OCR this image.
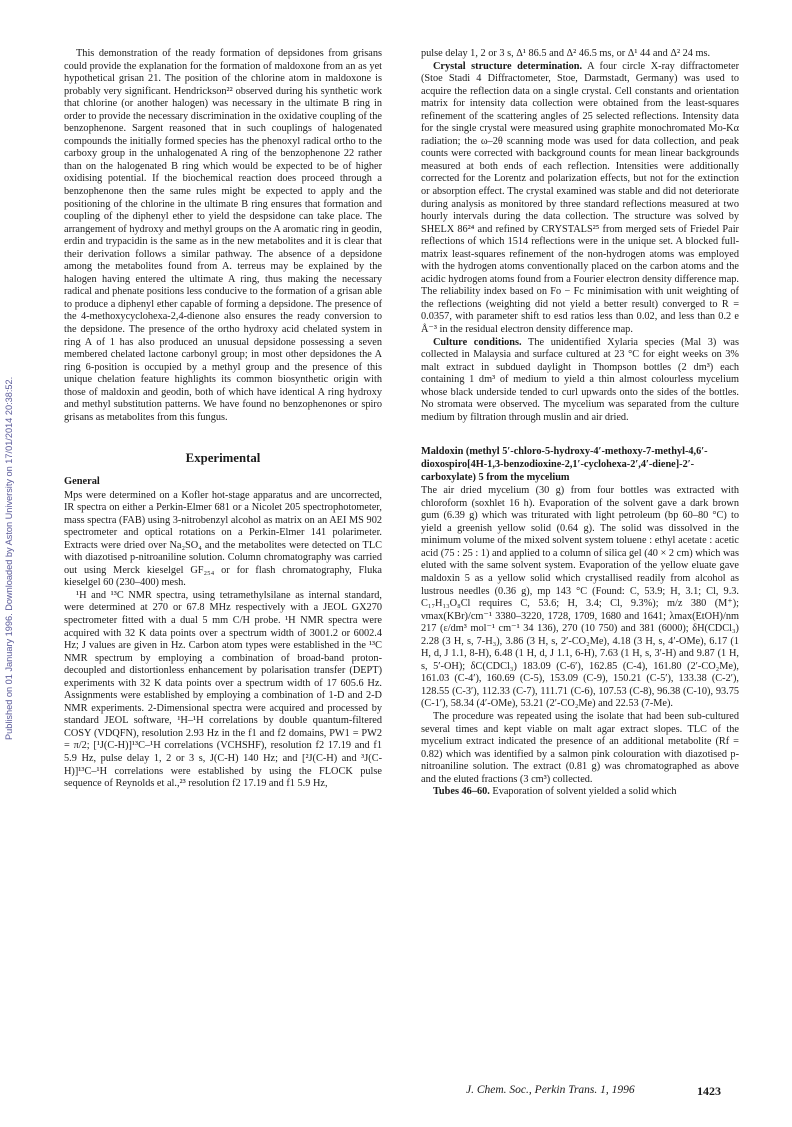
Published on 01 January 1996. Downloaded by Aston University on 17/01/2014 20:38:52.

This demonstration of the ready formation of depsidones from grisans could provide the explanation for the formation of maldoxone from an as yet hypothetical grisan 21. The position of the chlorine atom in maldoxone is probably very significant. Hendrickson²² observed during his synthetic work that chlorine (or another halogen) was necessary in the ultimate B ring in order to provide the necessary discrimination in the oxidative coupling of the benzophenone. Sargent reasoned that in such couplings of halogenated compounds the initially formed species has the phenoxyl radical ortho to the carboxy group in the unhalogenated A ring of the benzophenone 22 rather than on the halogenated B ring which would be expected to be of higher oxidising potential. If the biochemical reaction does proceed through a benzophenone then the same rules might be expected to apply and the positioning of the chlorine in the ultimate B ring ensures that formation and coupling of the diphenyl ether to yield the despsidone can take place. The arrangement of hydroxy and methyl groups on the A aromatic ring in geodin, erdin and trypacidin is the same as in the new metabolites and it is clear that their derivation follows a similar pathway. The absence of a depsidone among the metabolites found from A. terreus may be explained by the halogen having entered the ultimate A ring, thus making the necessary radical and phenate positions less conducive to the formation of a grisan able to produce a diphenyl ether capable of forming a depsidone. The presence of the 4-methoxycyclohexa-2,4-dienone also ensures the ready conversion to the depsidone. The presence of the ortho hydroxy acid chelated system in ring A of 1 has also produced an unusual depsidone possessing a seven membered chelated lactone carbonyl group; in most other depsidones the A ring 6-position is occupied by a methyl group and the presence of this unique chelation feature highlights its common biosynthetic origin with those of maldoxin and geodin, both of which have identical A ring hydroxy and methyl substitution patterns. We have found no benzophenones or spiro grisans as metabolites from this fungus.

Experimental
General

Mps were determined on a Kofler hot-stage apparatus and are uncorrected, IR spectra on either a Perkin-Elmer 681 or a Nicolet 205 spectrophotometer, mass spectra (FAB) using 3-nitrobenzyl alcohol as matrix on an AEI MS 902 spectrometer and optical rotations on a Perkin-Elmer 141 polarimeter. Extracts were dried over Na₂SO₄ and the metabolites were detected on TLC with diazotised p-nitroaniline solution. Column chromatography was carried out using Merck kieselgel GF₂₅₄ or for flash chromatography, Fluka kieselgel 60 (230–400) mesh.

¹H and ¹³C NMR spectra, using tetramethylsilane as internal standard, were determined at 270 or 67.8 MHz respectively with a JEOL GX270 spectrometer fitted with a dual 5 mm C/H probe. ¹H NMR spectra were acquired with 32 K data points over a spectrum width of 3001.2 or 6002.4 Hz; J values are given in Hz. Carbon atom types were established in the ¹³C NMR spectrum by employing a combination of broad-band proton-decoupled and distortionless enhancement by polarisation transfer (DEPT) experiments with 32 K data points over a spectrum width of 17 605.6 Hz. Assignments were established by employing a combination of 1-D and 2-D NMR experiments. 2-Dimensional spectra were acquired and processed by standard JEOL software, ¹H–¹H correlations by double quantum-filtered COSY (VDQFN), resolution 2.93 Hz in the f1 and f2 domains, PW1 = PW2 = π/2; [¹J(C-H)]¹³C–¹H correlations (VCHSHF), resolution f2 17.19 and f1 5.9 Hz, pulse delay 1, 2 or 3 s, J(C-H) 140 Hz; and [²J(C-H) and ³J(C-H)]¹³C–¹H correlations were established by using the FLOCK pulse sequence of Reynolds et al.,²³ resolution f2 17.19 and f1 5.9 Hz,

pulse delay 1, 2 or 3 s, Δ¹ 86.5 and Δ² 46.5 ms, or Δ¹ 44 and Δ² 24 ms.

Crystal structure determination. A four circle X-ray diffractometer (Stoe Stadi 4 Diffractometer, Stoe, Darmstadt, Germany) was used to acquire the reflection data on a single crystal. Cell constants and orientation matrix for intensity data collection were obtained from the least-squares refinement of the scattering angles of 25 selected reflections. Intensity data for the single crystal were measured using graphite monochromated Mo-Kα radiation; the ω–2θ scanning mode was used for data collection, and peak counts were corrected with background counts for mean linear backgrounds measured at both ends of each reflection. Intensities were additionally corrected for the Lorentz and polarization effects, but not for the extinction or absorption effect. The crystal examined was stable and did not deteriorate during analysis as monitored by three standard reflections measured at two hourly intervals during the data collection. The structure was solved by SHELX 86²⁴ and refined by CRYSTALS²⁵ from merged sets of Friedel Pair reflections of which 1514 reflections were in the unique set. A blocked full-matrix least-squares refinement of the non-hydrogen atoms was employed with the hydrogen atoms conventionally placed on the carbon atoms and the acidic hydrogen atoms found from a Fourier electron density difference map. The reliability index based on Fo − Fc minimisation with unit weighting of the reflections (weighting did not yield a better result) converged to R = 0.0357, with parameter shift to esd ratios less than 0.02, and less than 0.2 e Å⁻³ in the residual electron density difference map.

Culture conditions. The unidentified Xylaria species (Mal 3) was collected in Malaysia and surface cultured at 23 °C for eight weeks on 3% malt extract in subdued daylight in Thompson bottles (2 dm³) each containing 1 dm³ of medium to yield a thin almost colourless mycelium whose black underside tended to curl upwards onto the sides of the bottles. No stromata were observed. The mycelium was separated from the culture medium by filtration through muslin and air dried.

Maldoxin (methyl 5′-chloro-5-hydroxy-4′-methoxy-7-methyl-4,6′-dioxospiro[4H-1,3-benzodioxine-2,1′-cyclohexa-2′,4′-diene]-2′-carboxylate) 5 from the mycelium

The air dried mycelium (30 g) from four bottles was extracted with chloroform (soxhlet 16 h). Evaporation of the solvent gave a dark brown gum (6.39 g) which was triturated with light petroleum (bp 60–80 °C) to yield a greenish yellow solid (0.64 g). The solid was dissolved in the minimum volume of the mixed solvent system toluene : ethyl acetate : acetic acid (75 : 25 : 1) and applied to a column of silica gel (40 × 2 cm) which was eluted with the same solvent system. Evaporation of the yellow eluate gave maldoxin 5 as a yellow solid which crystallised readily from alcohol as lustrous needles (0.36 g), mp 143 °C (Found: C, 53.9; H, 3.1; Cl, 9.3. C₁₇H₁₃O₈Cl requires C, 53.6; H, 3.4; Cl, 9.3%); m/z 380 (M⁺); νmax(KBr)/cm⁻¹ 3380–3220, 1728, 1709, 1680 and 1641; λmax(EtOH)/nm 217 (ε/dm³ mol⁻¹ cm⁻¹ 34 136), 270 (10 750) and 381 (6000); δH(CDCl₃) 2.28 (3 H, s, 7-H₃), 3.86 (3 H, s, 2′-CO₂Me), 4.18 (3 H, s, 4′-OMe), 6.17 (1 H, d, J 1.1, 8-H), 6.48 (1 H, d, J 1.1, 6-H), 7.63 (1 H, s, 3′-H) and 9.87 (1 H, s, 5′-OH); δC(CDCl₃) 183.09 (C-6′), 162.85 (C-4), 161.80 (2′-CO₂Me), 161.03 (C-4′), 160.69 (C-5), 153.09 (C-9), 150.21 (C-5′), 133.38 (C-2′), 128.55 (C-3′), 112.33 (C-7), 111.71 (C-6), 107.53 (C-8), 96.38 (C-10), 93.75 (C-1′), 58.34 (4′-OMe), 53.21 (2′-CO₂Me) and 22.53 (7-Me).

The procedure was repeated using the isolate that had been sub-cultured several times and kept viable on malt agar extract slopes. TLC of the mycelium extract indicated the presence of an additional metabolite (Rf = 0.82) which was identified by a salmon pink colouration with diazotised p-nitroaniline solution. The extract (0.81 g) was chromatographed as above and the eluted fractions (3 cm³) collected.

Tubes 46–60. Evaporation of solvent yielded a solid which

J. Chem. Soc., Perkin Trans. 1, 1996	1423
